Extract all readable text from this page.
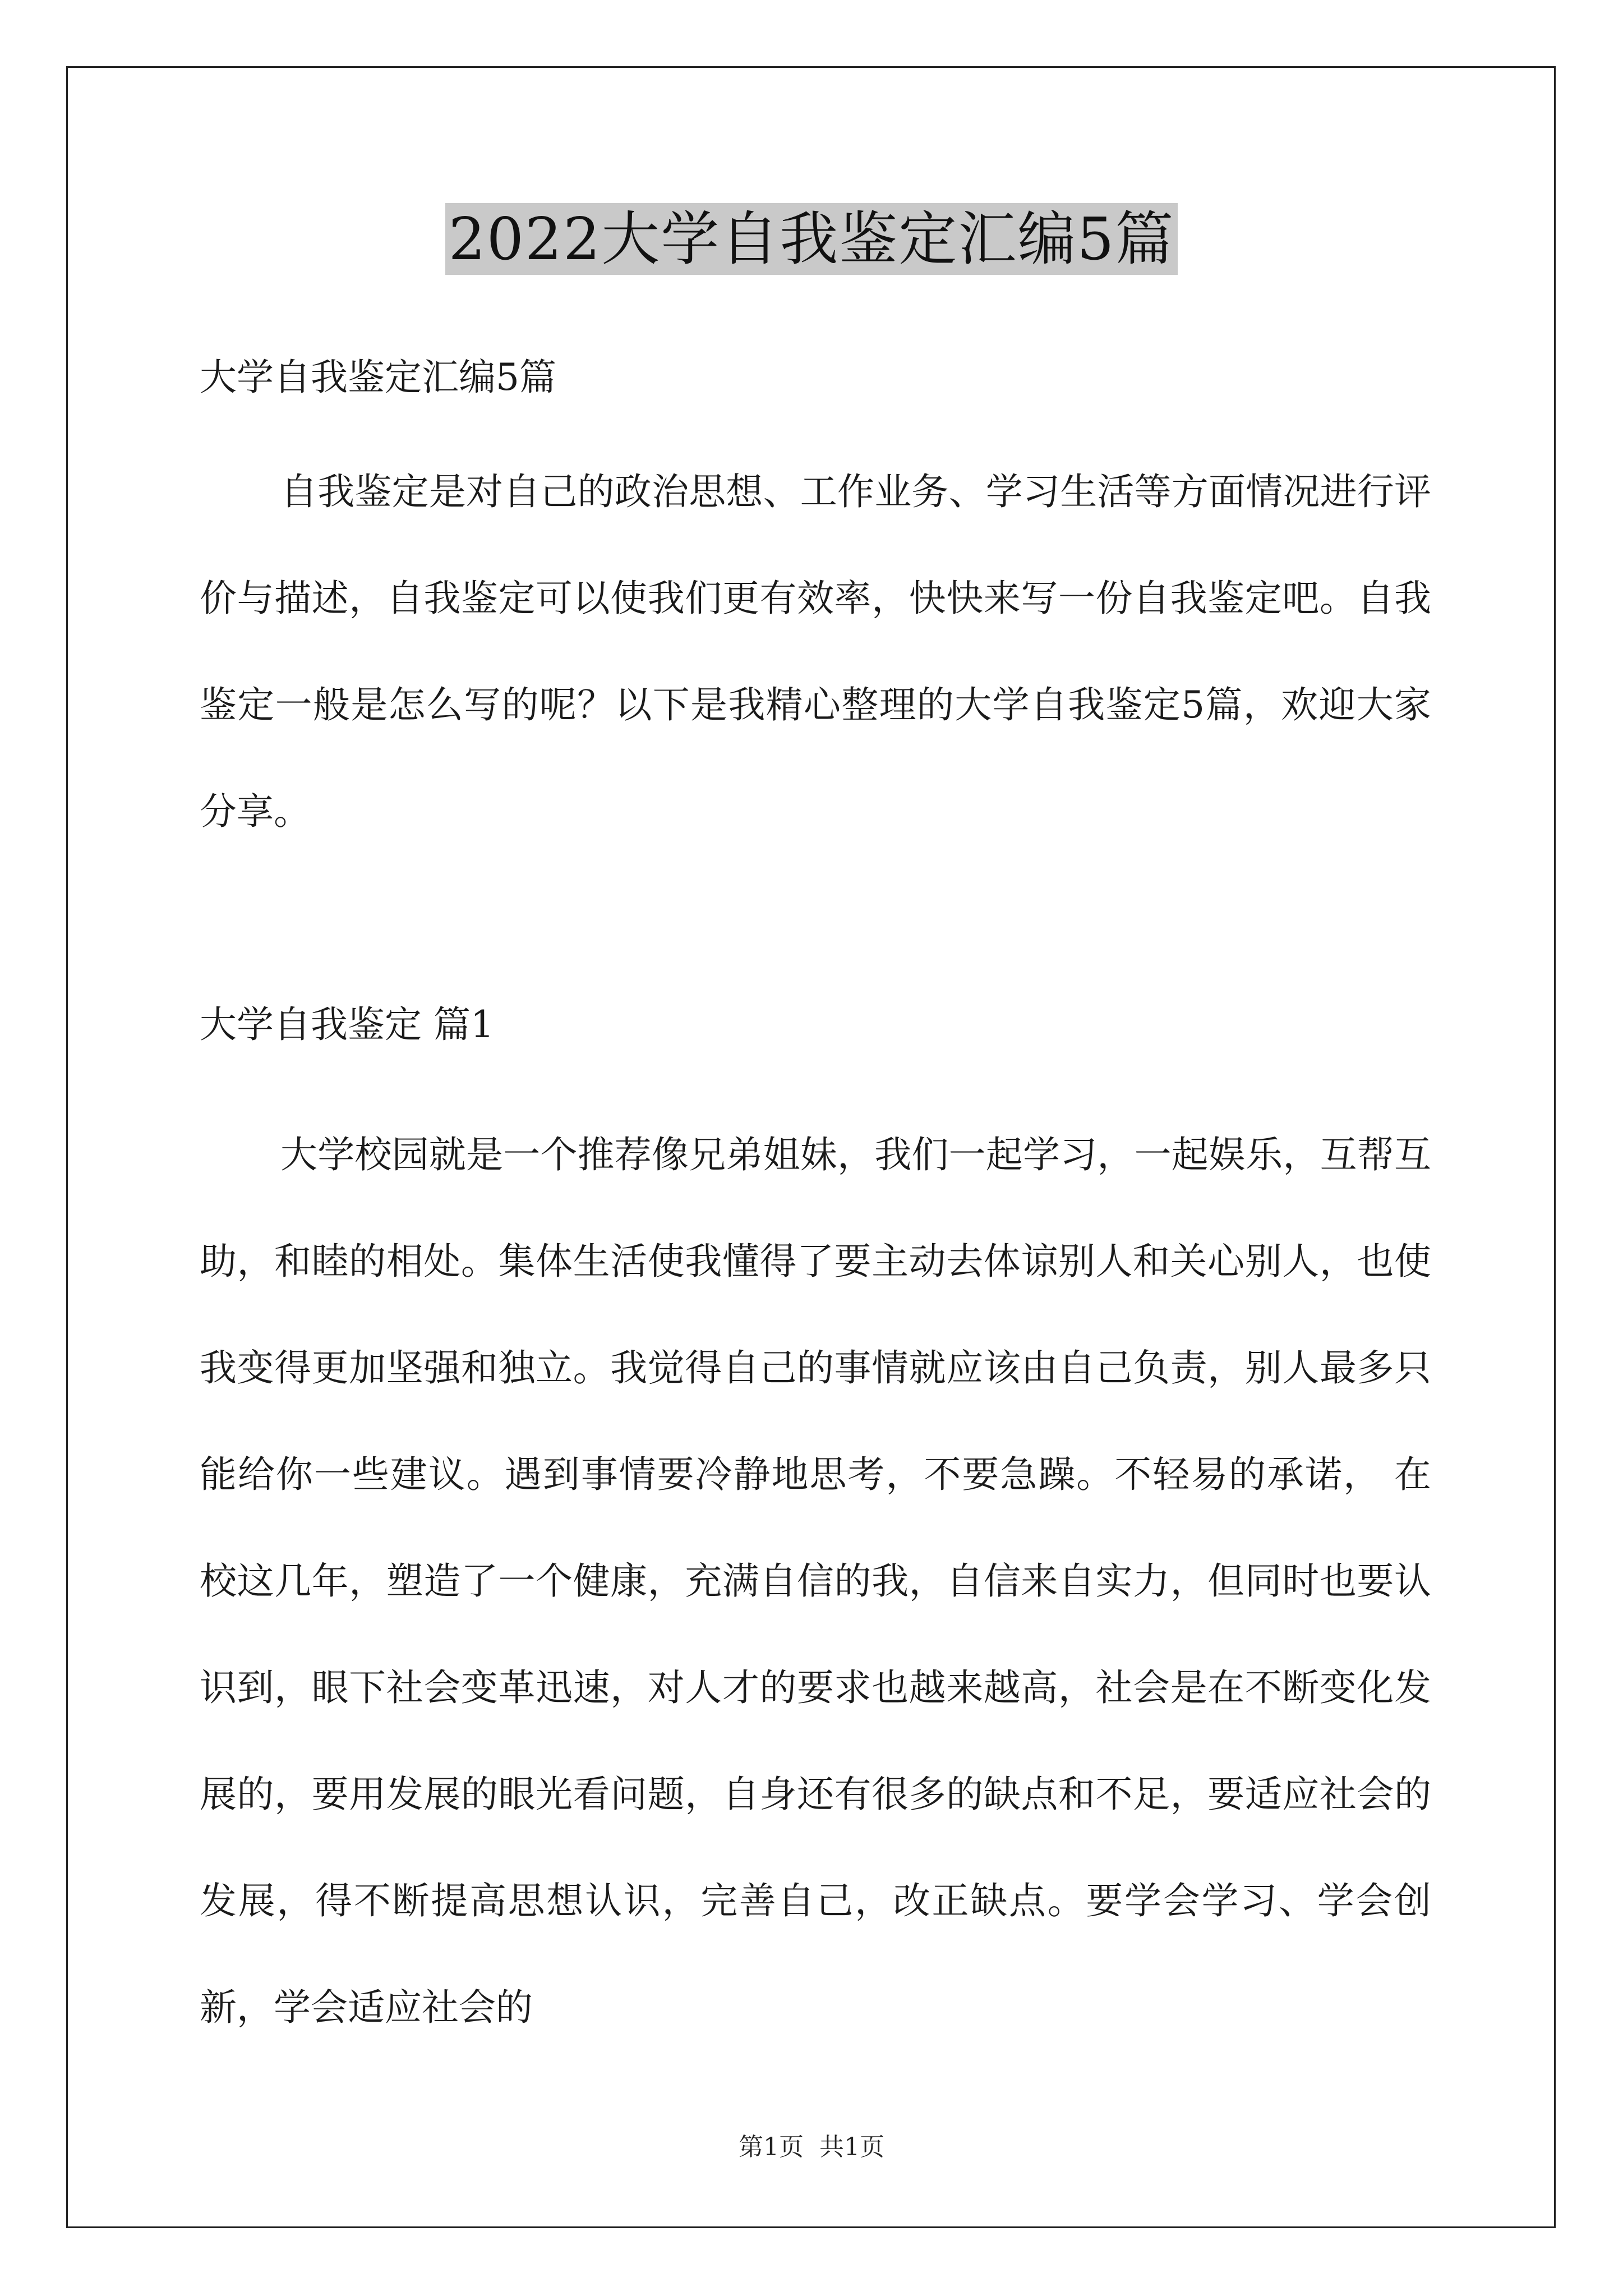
2022大学自我鉴定汇编5篇
大学自我鉴定汇编5篇

自我鉴定是对自己的政治思想、工作业务、学习生活等方面情况进行评价与描述，自我鉴定可以使我们更有效率，快快来写一份自我鉴定吧。自我鉴定一般是怎么写的呢？以下是我精心整理的大学自我鉴定5篇，欢迎大家分享。

大学自我鉴定 篇1

大学校园就是一个推荐像兄弟姐妹，我们一起学习，一起娱乐，互帮互助，和睦的相处。集体生活使我懂得了要主动去体谅别人和关心别人，也使我变得更加坚强和独立。我觉得自己的事情就应该由自己负责，别人最多只能给你一些建议。遇到事情要冷静地思考，不要急躁。不轻易的承诺， 在校这几年，塑造了一个健康，充满自信的我，自信来自实力，但同时也要认识到，眼下社会变革迅速，对人才的要求也越来越高，社会是在不断变化发展的，要用发展的眼光看问题，自身还有很多的缺点和不足，要适应社会的发展，得不断提高思想认识，完善自己，改正缺点。要学会学习、学会创新，学会适应社会的

第1页 共1页
